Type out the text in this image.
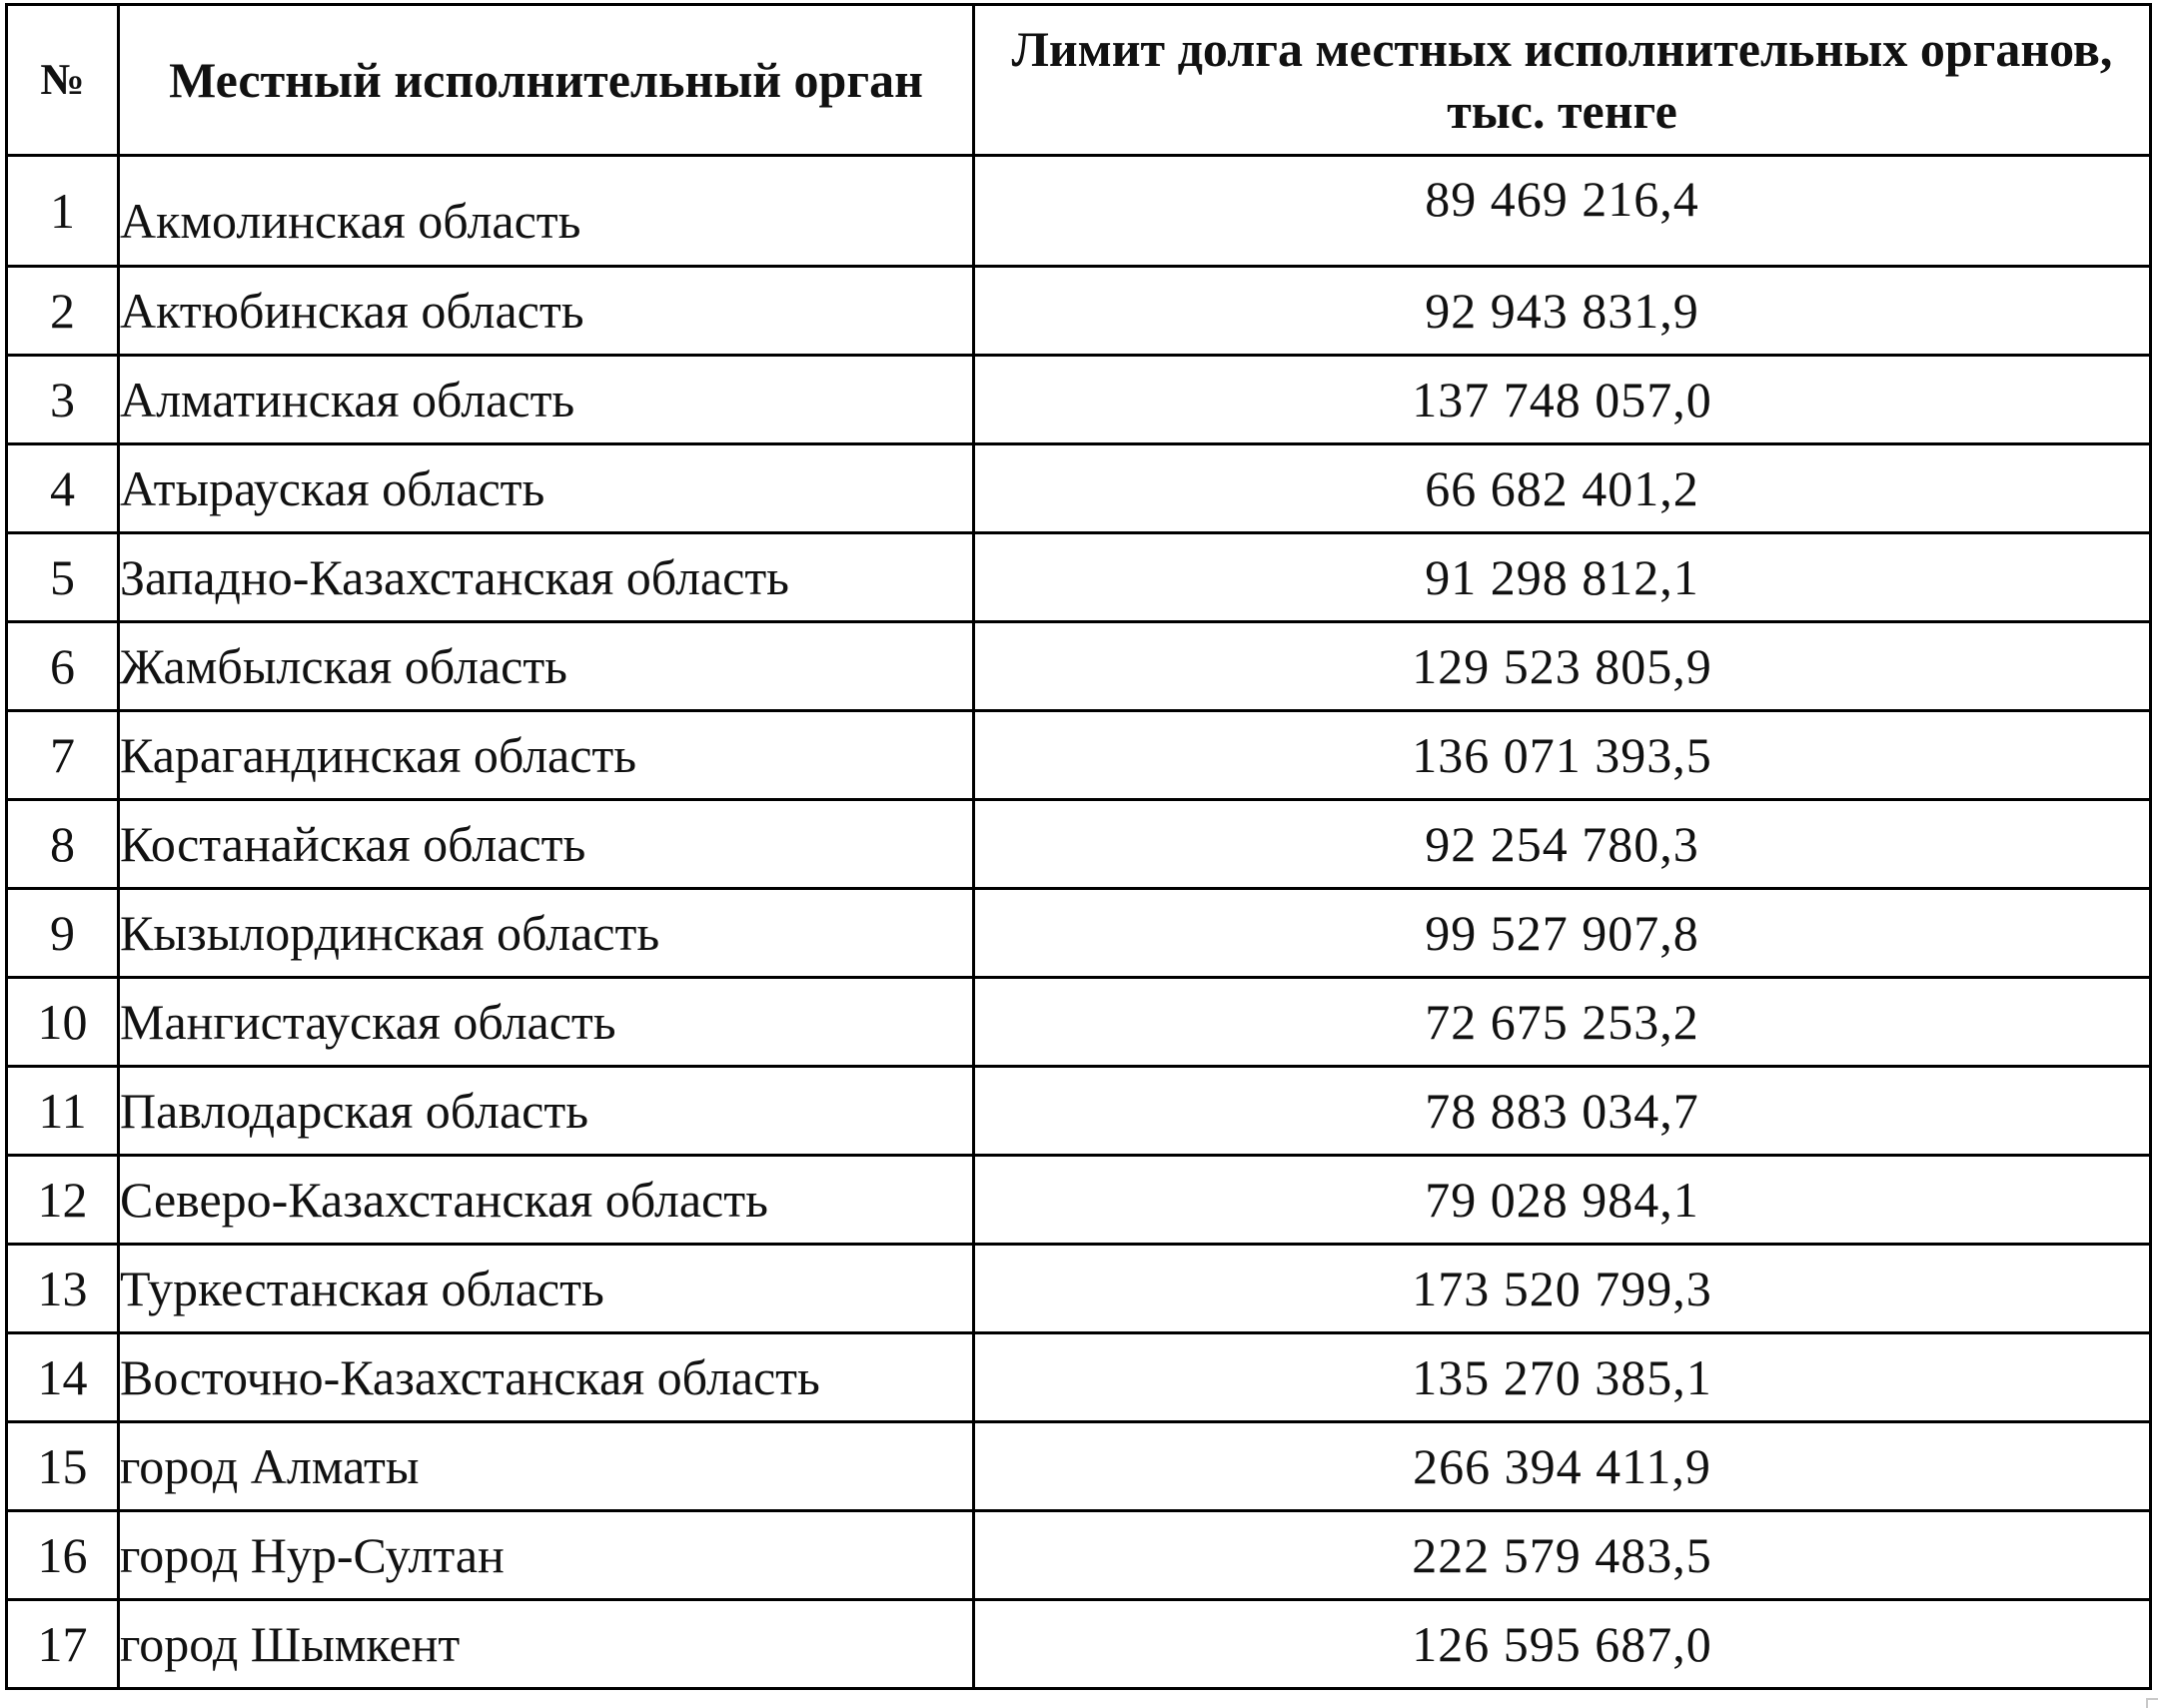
№	Местный исполнительный орган	Лимит долга местных исполнительных органов, тыс. тенге
1	Акмолинская область	89 469 216,4
2	Актюбинская область	92 943 831,9
3	Алматинская область	137 748 057,0
4	Атырауская область	66 682 401,2
5	Западно-Казахстанская область	91 298 812,1
6	Жамбылская область	129 523 805,9
7	Карагандинская область	136 071 393,5
8	Костанайская область	92 254 780,3
9	Кызылординская область	99 527 907,8
10	Мангистауская область	72 675 253,2
11	Павлодарская область	78 883 034,7
12	Северо-Казахстанская область	79 028 984,1
13	Туркестанская область	173 520 799,3
14	Восточно-Казахстанская область	135 270 385,1
15	город Алматы	266 394 411,9
16	город Нур-Султан	222 579 483,5
17	город Шымкент	126 595 687,0
